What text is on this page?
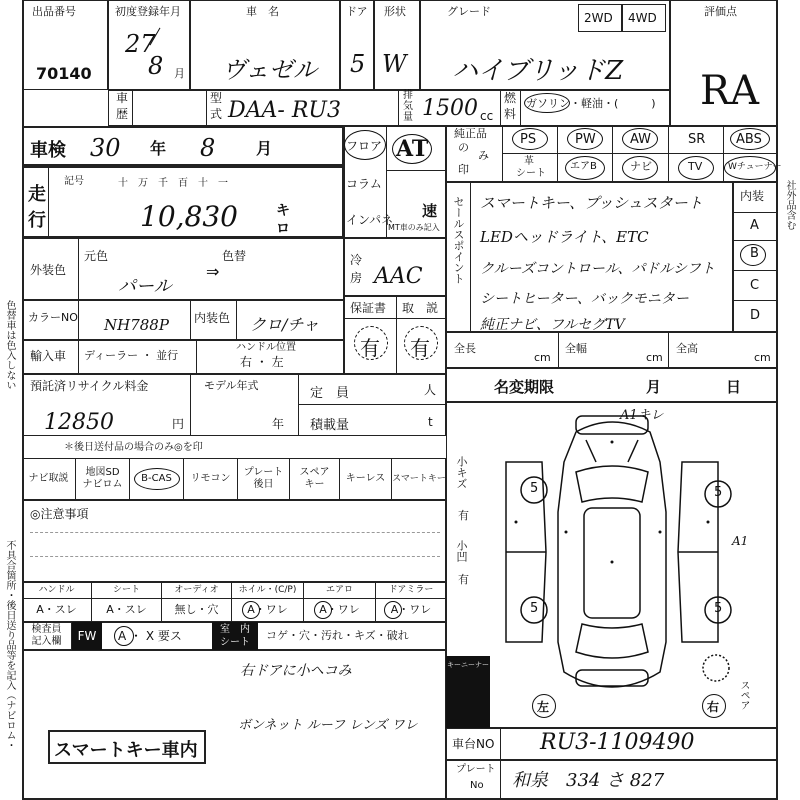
出品番号
70140
初度登録年月
27
8 月
車　名
ヴェゼル
ドア
5
形状
W
グレード
ハイブリッドZ
2WD 4WD	評価点
RA
車
歴
型
式 DAA- RU3
排
気
量 1500 cc
燃
料
ガソリン・軽油・(　　　)
車検 30 年 8	月
走
行
記号	十　万　千　百　十　一
10,830	キ
ロ
フロア
コラム
インパネ
AT
速
MT車のみ記入
純正品
の
み
印
PS	PW	AW	SR ABS
革
シート
エアB	ナビ	TV	Wチューナー
内装
A
B
C
D
社外品含む
セールスポイント スマートキー、プッシュスタート
LEDヘッドライト、ETC
クルーズコントロール、パドルシフト
シートヒーター、バックモニター
純正ナビ、フルセグTV
全長
cm
全幅
cm
全高
cm
名変期限	月	日
外装色
元色	色替
パール
⇒
カラーNO NH788P 内装色 クロ/チャ
輸入車 ディーラー ・ 並行
ハンドル位置
右 ・ 左
冷
房 AAC
保証書 取　説
有 有
預託済リサイクル料金
12850	円
モデル年式
年
定　員	人
積載量	t
＊後日送付品の場合のみ◎を印
ナビ取説
地図SD
ナビロム
B-CAS リモコン
プレート
後日
スペア
キー
キーレス スマートキー
◎注意事項
ハンドル	シート	オーディオ ホイル・(C/P)	エアロ	ドアミラー
A・スレ	A・スレ	無し・穴	A・ワレ	A・ワレ	A・ワレ
検査員
記入欄	FW	A ・ X 要ス	室　内
シート
コゲ・穴・汚れ・キズ・破れ
右ドアに小ヘコみ
ボンネット ルーフ レンズ ワレ
スマートキー車内
A1キレ
小キズ
有
小凹
有
5	5
5	5
A1
左	右 スペア
キーニーナー
車台NO RU3-1109490
プレート
No 和泉　334 さ 827
色替車は色入しない
不具合箇所・後日送り品等を記入（ナビロム・
